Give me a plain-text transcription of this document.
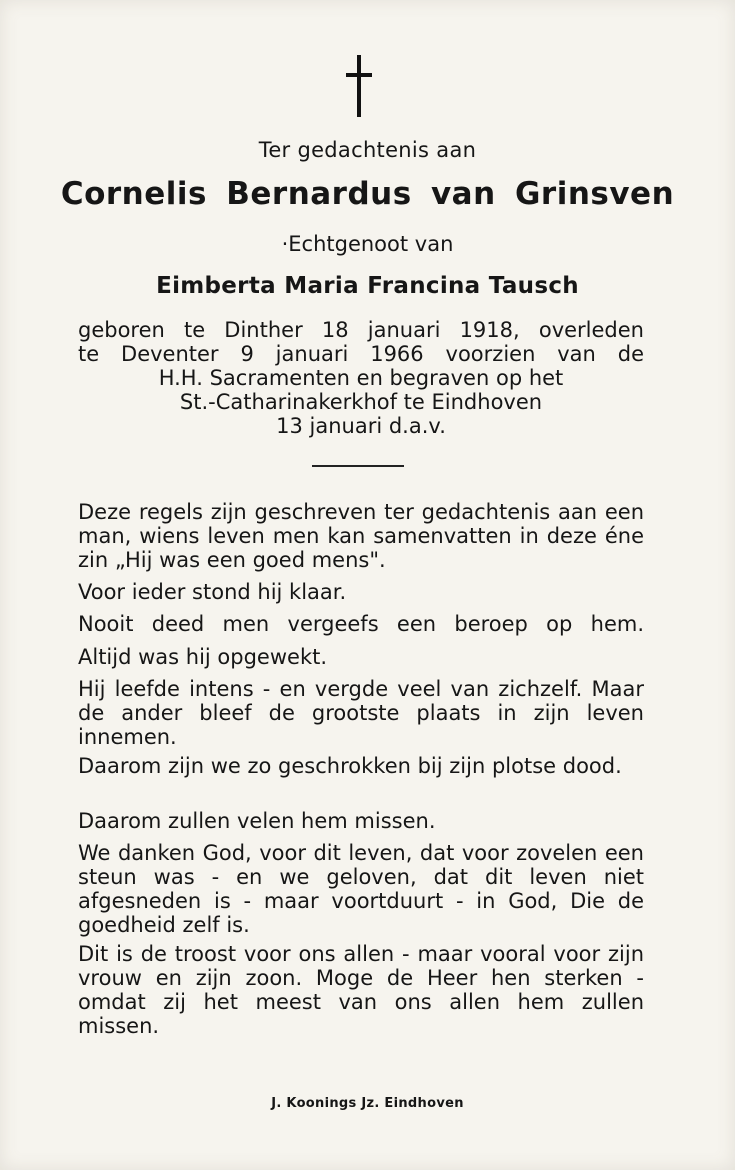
Ter gedachtenis aan
Cornelis Bernardus van Grinsven
·Echtgenoot van
Eimberta Maria Francina Tausch
geboren te Dinther 18 januari 1918, overleden
te Deventer 9 januari 1966 voorzien van de
H.H. Sacramenten en begraven op het
St.-Catharinakerkhof te Eindhoven
13 januari d.a.v.

Deze regels zijn geschreven ter gedachtenis aan een man, wiens leven men kan samenvatten in deze éne zin „Hij was een goed mens".

Voor ieder stond hij klaar.

Nooit deed men vergeefs een beroep op hem.

Altijd was hij opgewekt.

Hij leefde intens - en vergde veel van zichzelf. Maar de ander bleef de grootste plaats in zijn leven innemen.

Daarom zijn we zo geschrokken bij zijn plotse dood.

Daarom zullen velen hem missen.

We danken God, voor dit leven, dat voor zovelen een steun was - en we geloven, dat dit leven niet afgesneden is - maar voortduurt - in God, Die de goedheid zelf is.

Dit is de troost voor ons allen - maar vooral voor zijn vrouw en zijn zoon. Moge de Heer hen sterken - omdat zij het meest van ons allen hem zullen missen.

J. Koonings Jz. Eindhoven
